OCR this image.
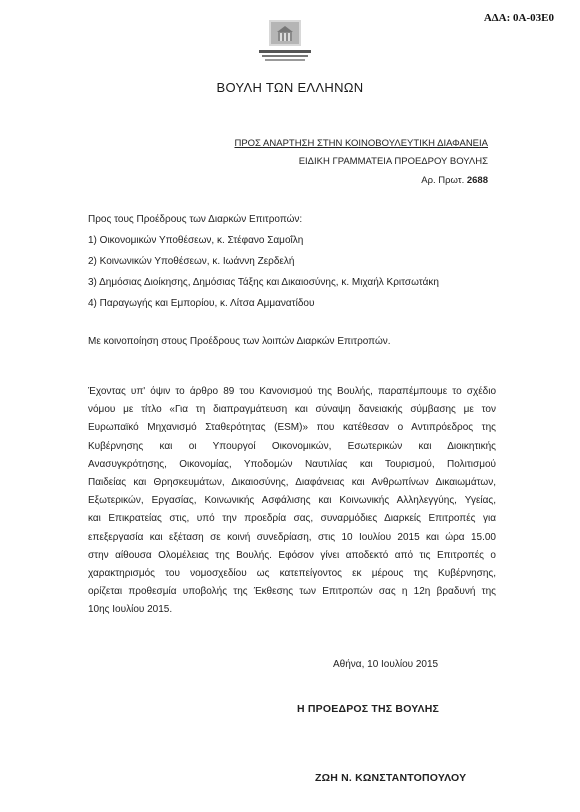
ΑΔΑ: 0Α-03Ε0
ΒΟΥΛΗ ΤΩΝ ΕΛΛΗΝΩΝ
ΠΡΟΣ ΑΝΑΡΤΗΣΗ ΣΤΗΝ ΚΟΙΝΟΒΟΥΛΕΥΤΙΚΗ ΔΙΑΦΑΝΕΙΑ
ΕΙΔΙΚΗ ΓΡΑΜΜΑΤΕΙΑ ΠΡΟΕΔΡΟΥ ΒΟΥΛΗΣ
Αρ. Πρωτ. 2688
Προς τους Προέδρους των Διαρκών Επιτροπών:
1) Οικονομικών Υποθέσεων, κ. Στέφανο Σαμοΐλη
2) Κοινωνικών Υποθέσεων, κ. Ιωάννη Ζερδελή
3) Δημόσιας Διοίκησης, Δημόσιας Τάξης και Δικαιοσύνης, κ. Μιχαήλ Κριτσωτάκη
4) Παραγωγής και Εμπορίου, κ. Λίτσα Αμμανατίδου
Με κοινοποίηση στους Προέδρους των λοιπών Διαρκών Επιτροπών.
Έχοντας υπ' όψιν το άρθρο 89 του Κανονισμού της Βουλής, παραπέμπουμε το σχέδιο
νόμου με τίτλο «Για τη διαπραγμάτευση και σύναψη δανειακής σύμβασης με τον
Ευρωπαϊκό Μηχανισμό Σταθερότητας (ESM)» που κατέθεσαν ο Αντιπρόεδρος της
Κυβέρνησης και οι Υπουργοί Οικονομικών, Εσωτερικών και Διοικητικής
Ανασυγκρότησης, Οικονομίας, Υποδομών Ναυτιλίας και Τουρισμού, Πολιτισμού
Παιδείας και Θρησκευμάτων, Δικαιοσύνης, Διαφάνειας και Ανθρωπίνων Δικαιωμάτων,
Εξωτερικών, Εργασίας, Κοινωνικής Ασφάλισης και Κοινωνικής Αλληλεγγύης, Υγείας,
και Επικρατείας στις, υπό την προεδρία σας, συναρμόδιες Διαρκείς Επιτροπές για
επεξεργασία και εξέταση σε κοινή συνεδρίαση, στις 10 Ιουλίου 2015 και ώρα 15.00
στην αίθουσα Ολομέλειας της Βουλής. Εφόσον γίνει αποδεκτό από τις Επιτροπές ο
χαρακτηρισμός του νομοσχεδίου ως κατεπείγοντος εκ μέρους της Κυβέρνησης,
ορίζεται προθεσμία υποβολής της Έκθεσης των Επιτροπών σας η 12η βραδυνή της
10ης Ιουλίου 2015.
Αθήνα, 10 Ιουλίου 2015
Η ΠΡΟΕΔΡΟΣ ΤΗΣ ΒΟΥΛΗΣ
ΖΩΗ Ν. ΚΩΝΣΤΑΝΤΟΠΟΥΛΟΥ
